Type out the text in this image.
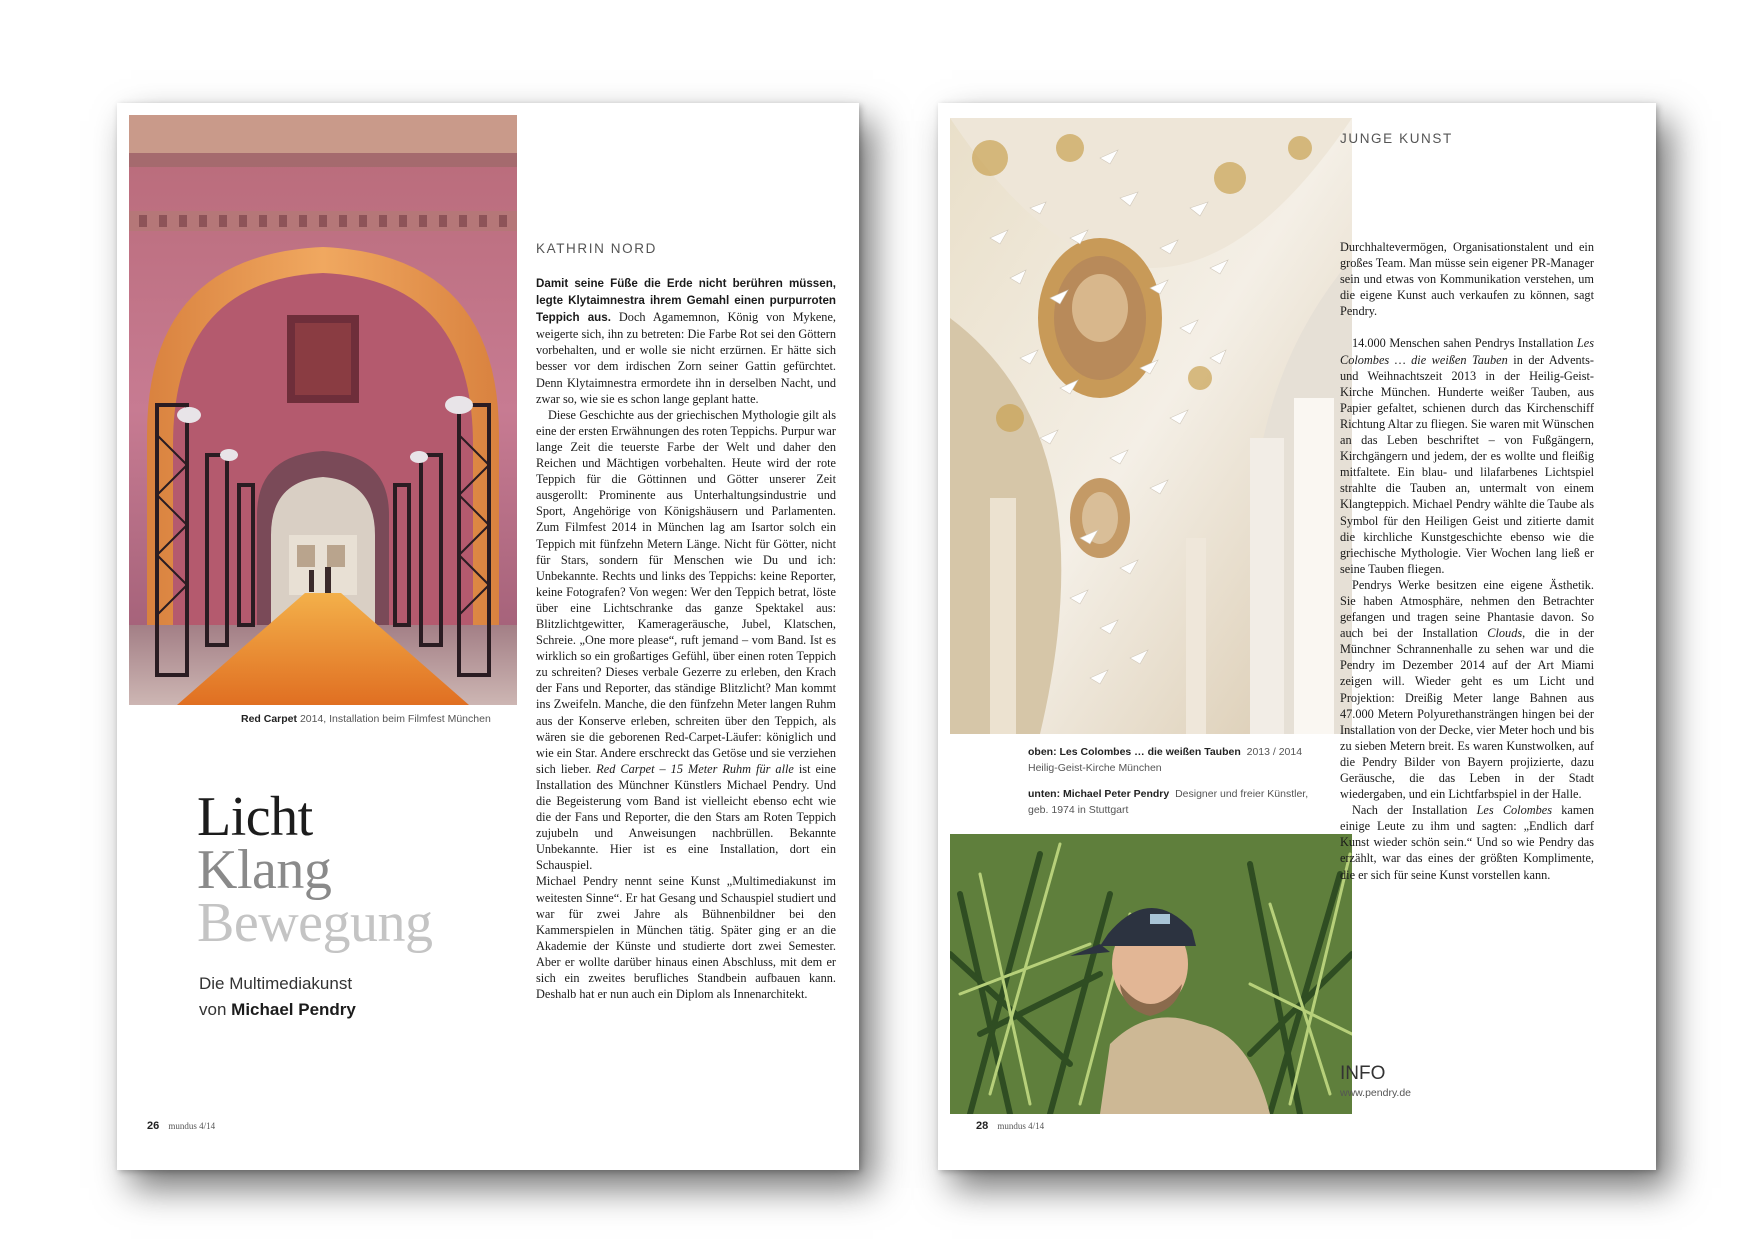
Red Carpet 2014, Installation beim Filmfest München
Licht
Klang
Bewegung
Die Multimediakunst
von Michael Pendry
KATHRIN NORD

Damit seine Füße die Erde nicht berühren müssen, legte Klytaimnestra ihrem Gemahl einen purpurroten Teppich aus. Doch Agamemnon, König von Mykene, weigerte sich, ihn zu betreten: Die Farbe Rot sei den Göttern vorbehalten, und er wolle sie nicht erzürnen. Er hätte sich besser vor dem irdischen Zorn seiner Gattin gefürchtet. Denn Klytaimnestra ermordete ihn in derselben Nacht, und zwar so, wie sie es schon lange geplant hatte.

Diese Geschichte aus der griechischen Mythologie gilt als eine der ersten Erwähnungen des roten Teppichs. Purpur war lange Zeit die teuerste Farbe der Welt und daher den Reichen und Mächtigen vorbehalten. Heute wird der rote Teppich für die Göttinnen und Götter unserer Zeit ausgerollt: Prominente aus Unterhaltungsindustrie und Sport, Angehörige von Königshäusern und Parlamenten. Zum Filmfest 2014 in München lag am Isartor solch ein Teppich mit fünfzehn Metern Länge. Nicht für Götter, nicht für Stars, sondern für Menschen wie Du und ich: Unbekannte. Rechts und links des Teppichs: keine Reporter, keine Fotografen? Von wegen: Wer den Teppich betrat, löste über eine Lichtschranke das ganze Spektakel aus: Blitzlichtgewitter, Kamerageräusche, Jubel, Klatschen, Schreie. „One more please“, ruft jemand – vom Band. Ist es wirklich so ein großartiges Gefühl, über einen roten Teppich zu schreiten? Dieses verbale Gezerre zu erleben, den Krach der Fans und Reporter, das ständige Blitzlicht? Man kommt ins Zweifeln. Manche, die den fünfzehn Meter langen Ruhm aus der Konserve erleben, schreiten über den Teppich, als wären sie die geborenen Red-Carpet-Läufer: königlich und wie ein Star. Andere erschreckt das Getöse und sie verziehen sich lieber. Red Carpet – 15 Meter Ruhm für alle ist eine Installation des Münchner Künstlers Michael Pendry. Und die Begeisterung vom Band ist vielleicht ebenso echt wie die der Fans und Reporter, die den Stars am Roten Teppich zujubeln und Anweisungen nachbrüllen. Bekannte Unbekannte. Hier ist es eine Installation, dort ein Schauspiel.

Michael Pendry nennt seine Kunst „Multimediakunst im weitesten Sinne“. Er hat Gesang und Schauspiel studiert und war für zwei Jahre als Bühnenbildner bei den Kammerspielen in München tätig. Später ging er an die Akademie der Künste und studierte dort zwei Semester. Aber er wollte darüber hinaus einen Abschluss, mit dem er sich ein zweites berufliches Standbein aufbauen kann. Deshalb hat er nun auch ein Diplom als Innenarchitekt.

26 mundus 4/14
oben: Les Colombes … die weißen Tauben 2013 / 2014
Heilig-Geist-Kirche München
unten: Michael Peter Pendry Designer und freier Künstler,
geb. 1974 in Stuttgart
JUNGE KUNST

Durchhaltevermögen, Organisationstalent und ein großes Team. Man müsse sein eigener PR-Manager sein und etwas von Kommunikation verstehen, um die eigene Kunst auch verkaufen zu können, sagt Pendry.

14.000 Menschen sahen Pendrys Installation Les Colombes … die weißen Tauben in der Advents- und Weihnachtszeit 2013 in der Heilig-Geist-Kirche München. Hunderte weißer Tauben, aus Papier gefaltet, schienen durch das Kirchenschiff Richtung Altar zu fliegen. Sie waren mit Wünschen an das Leben beschriftet – von Fußgängern, Kirchgängern und jedem, der es wollte und fleißig mitfaltete. Ein blau- und lilafarbenes Lichtspiel strahlte die Tauben an, untermalt von einem Klangteppich. Michael Pendry wählte die Taube als Symbol für den Heiligen Geist und zitierte damit die kirchliche Kunstgeschichte ebenso wie die griechische Mythologie. Vier Wochen lang ließ er seine Tauben fliegen.

Pendrys Werke besitzen eine eigene Ästhetik. Sie haben Atmosphäre, nehmen den Betrachter gefangen und tragen seine Phantasie davon. So auch bei der Installation Clouds, die in der Münchner Schrannenhalle zu sehen war und die Pendry im Dezember 2014 auf der Art Miami zeigen will. Wieder geht es um Licht und Projektion: Dreißig Meter lange Bahnen aus 47.000 Metern Polyurethansträngen hingen bei der Installation von der Decke, vier Meter hoch und bis zu sieben Metern breit. Es waren Kunstwolken, auf die Pendry Bilder von Bayern projizierte, dazu Geräusche, die das Leben in der Stadt wiedergaben, und ein Lichtfarbspiel in der Halle.

Nach der Installation Les Colombes kamen einige Leute zu ihm und sagten: „Endlich darf Kunst wieder schön sein.“ Und so wie Pendry das erzählt, war das eines der größten Komplimente, die er sich für seine Kunst vorstellen kann.

INFO
www.pendry.de
28 mundus 4/14
